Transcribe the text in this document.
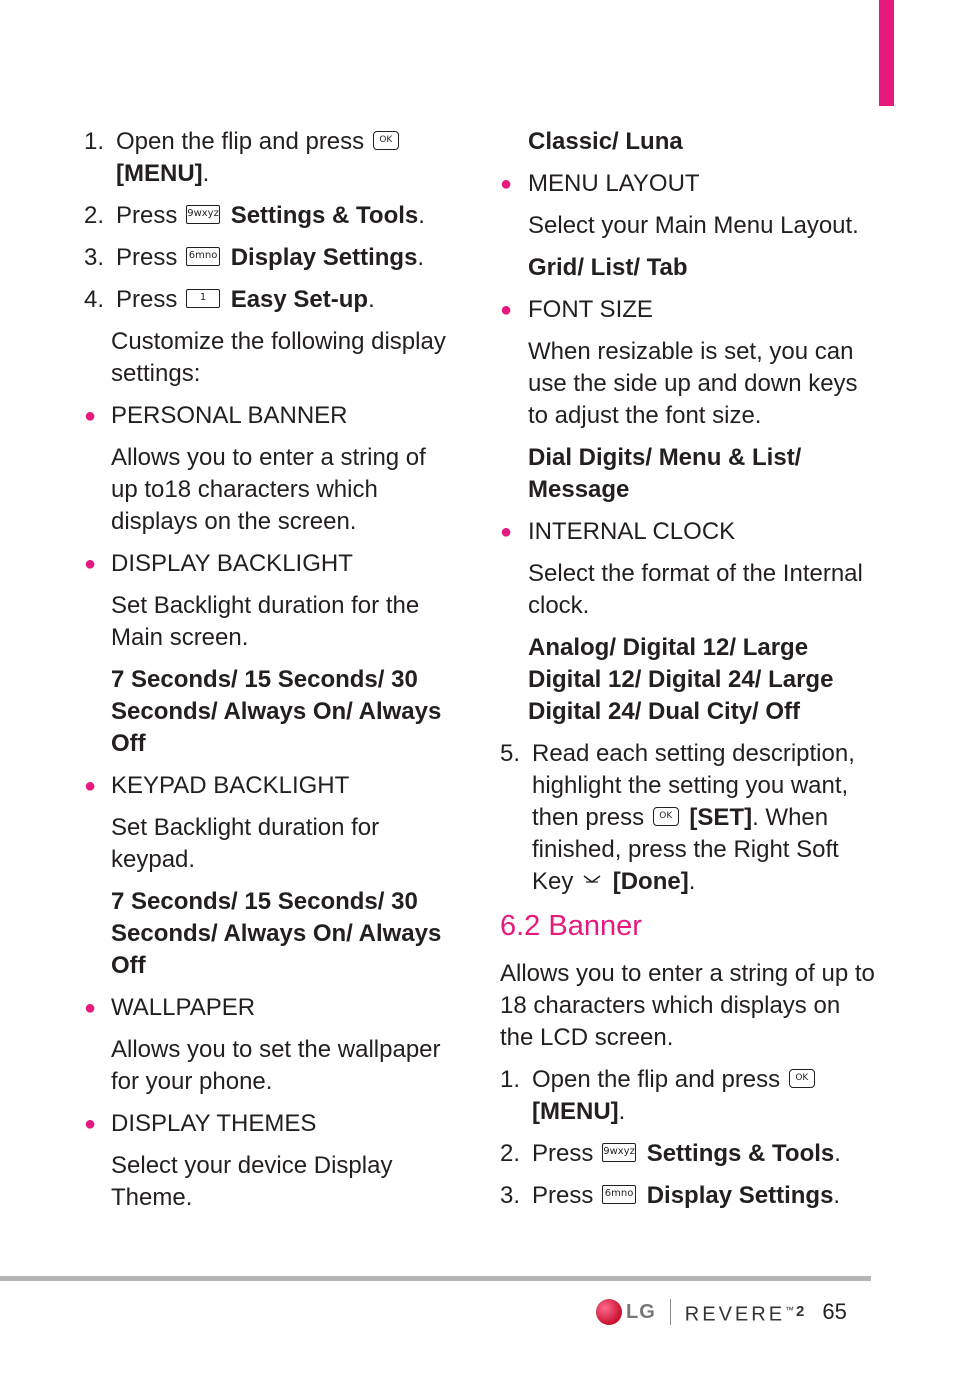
1. Open the flip and press OK
[MENU].
2. Press 9wxyz Settings & Tools.
3. Press 6mno Display Settings.
4. Press 1 Easy Set-up.
Customize the following display settings:
● PERSONAL BANNER
Allows you to enter a string of up to18 characters which displays on the screen.
● DISPLAY BACKLIGHT
Set Backlight duration for the Main screen.
7 Seconds/ 15 Seconds/ 30 Seconds/ Always On/ Always Off
● KEYPAD BACKLIGHT
Set Backlight duration for keypad.
7 Seconds/ 15 Seconds/ 30 Seconds/ Always On/ Always Off
● WALLPAPER
Allows you to set the wallpaper for your phone.
● DISPLAY THEMES
Select your device Display Theme.
Classic/ Luna
● MENU LAYOUT
Select your Main Menu Layout.
Grid/ List/ Tab
● FONT SIZE
When resizable is set, you can use the side up and down keys to adjust the font size.
Dial Digits/ Menu & List/ Message
● INTERNAL CLOCK
Select the format of the Internal clock.
Analog/ Digital 12/ Large Digital 12/ Digital 24/ Large Digital 24/ Dual City/ Off
5. Read each setting description, highlight the setting you want, then press OK [SET]. When finished, press the Right Soft Key [Done].
6.2 Banner
Allows you to enter a string of up to 18 characters which displays on the LCD screen.
1. Open the flip and press OK
[MENU].
2. Press 9wxyz Settings & Tools.
3. Press 6mno Display Settings.
LG REVERE™ 2 65
